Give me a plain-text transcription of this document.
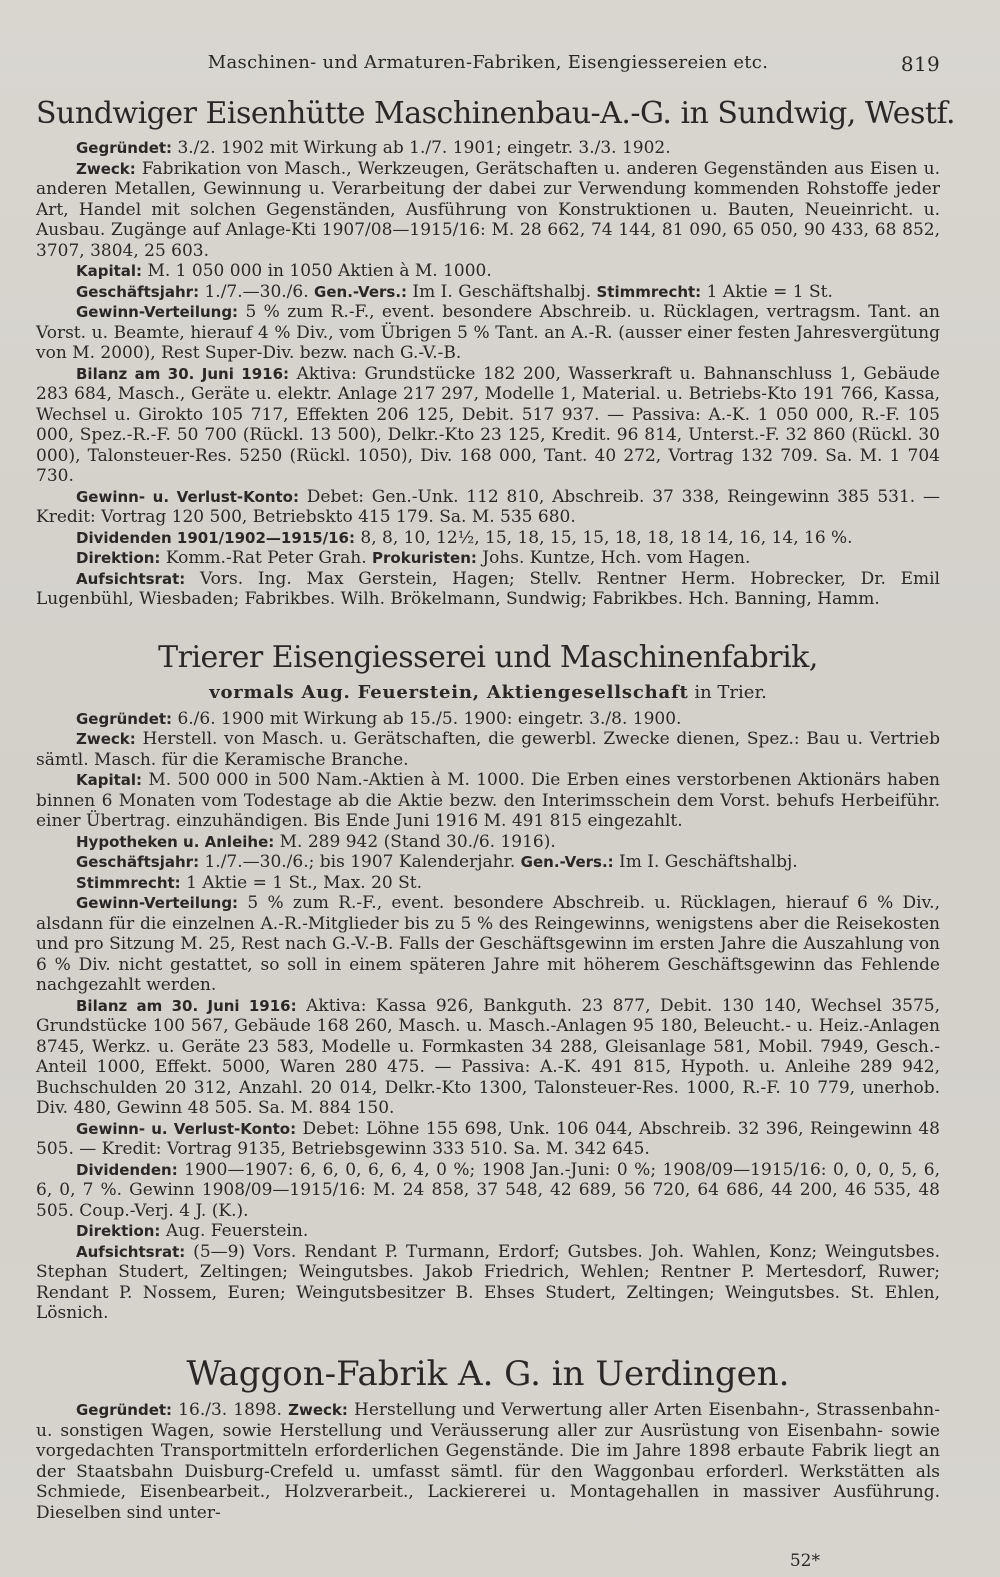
Maschinen- und Armaturen-Fabriken, Eisengiessereien etc.	819
Sundwiger Eisenhütte Maschinenbau-A.-G. in Sundwig, Westf.

Gegründet: 3./2. 1902 mit Wirkung ab 1./7. 1901; eingetr. 3./3. 1902.

Zweck: Fabrikation von Masch., Werkzeugen, Gerätschaften u. anderen Gegenständen aus Eisen u. anderen Metallen, Gewinnung u. Verarbeitung der dabei zur Verwendung kommenden Rohstoffe jeder Art, Handel mit solchen Gegenständen, Ausführung von Konstruktionen u. Bauten, Neueinricht. u. Ausbau. Zugänge auf Anlage-Kti 1907/08—1915/16: M. 28 662, 74 144, 81 090, 65 050, 90 433, 68 852, 3707, 3804, 25 603.

Kapital: M. 1 050 000 in 1050 Aktien à M. 1000.

Geschäftsjahr: 1./7.—30./6. Gen.-Vers.: Im I. Geschäftshalbj. Stimmrecht: 1 Aktie = 1 St.

Gewinn-Verteilung: 5 % zum R.-F., event. besondere Abschreib. u. Rücklagen, vertragsm. Tant. an Vorst. u. Beamte, hierauf 4 % Div., vom Übrigen 5 % Tant. an A.-R. (ausser einer festen Jahresvergütung von M. 2000), Rest Super-Div. bezw. nach G.-V.-B.

Bilanz am 30. Juni 1916: Aktiva: Grundstücke 182 200, Wasserkraft u. Bahnanschluss 1, Gebäude 283 684, Masch., Geräte u. elektr. Anlage 217 297, Modelle 1, Material. u. Betriebs-Kto 191 766, Kassa, Wechsel u. Girokto 105 717, Effekten 206 125, Debit. 517 937. — Passiva: A.-K. 1 050 000, R.-F. 105 000, Spez.-R.-F. 50 700 (Rückl. 13 500), Delkr.-Kto 23 125, Kredit. 96 814, Unterst.-F. 32 860 (Rückl. 30 000), Talonsteuer-Res. 5250 (Rückl. 1050), Div. 168 000, Tant. 40 272, Vortrag 132 709. Sa. M. 1 704 730.

Gewinn- u. Verlust-Konto: Debet: Gen.-Unk. 112 810, Abschreib. 37 338, Reingewinn 385 531. — Kredit: Vortrag 120 500, Betriebskto 415 179. Sa. M. 535 680.

Dividenden 1901/1902—1915/16: 8, 8, 10, 12½, 15, 18, 15, 15, 18, 18, 18 14, 16, 14, 16 %.

Direktion: Komm.-Rat Peter Grah. Prokuristen: Johs. Kuntze, Hch. vom Hagen.

Aufsichtsrat: Vors. Ing. Max Gerstein, Hagen; Stellv. Rentner Herm. Hobrecker, Dr. Emil Lugenbühl, Wiesbaden; Fabrikbes. Wilh. Brökelmann, Sundwig; Fabrikbes. Hch. Banning, Hamm.

Trierer Eisengiesserei und Maschinenfabrik,
vormals Aug. Feuerstein, Aktiengesellschaft in Trier.

Gegründet: 6./6. 1900 mit Wirkung ab 15./5. 1900: eingetr. 3./8. 1900.

Zweck: Herstell. von Masch. u. Gerätschaften, die gewerbl. Zwecke dienen, Spez.: Bau u. Vertrieb sämtl. Masch. für die Keramische Branche.

Kapital: M. 500 000 in 500 Nam.-Aktien à M. 1000. Die Erben eines verstorbenen Aktionärs haben binnen 6 Monaten vom Todestage ab die Aktie bezw. den Interimsschein dem Vorst. behufs Herbeiführ. einer Übertrag. einzuhändigen. Bis Ende Juni 1916 M. 491 815 eingezahlt.

Hypotheken u. Anleihe: M. 289 942 (Stand 30./6. 1916).

Geschäftsjahr: 1./7.—30./6.; bis 1907 Kalenderjahr. Gen.-Vers.: Im I. Geschäftshalbj.

Stimmrecht: 1 Aktie = 1 St., Max. 20 St.

Gewinn-Verteilung: 5 % zum R.-F., event. besondere Abschreib. u. Rücklagen, hierauf 6 % Div., alsdann für die einzelnen A.-R.-Mitglieder bis zu 5 % des Reingewinns, wenigstens aber die Reisekosten und pro Sitzung M. 25, Rest nach G.-V.-B. Falls der Geschäftsgewinn im ersten Jahre die Auszahlung von 6 % Div. nicht gestattet, so soll in einem späteren Jahre mit höherem Geschäftsgewinn das Fehlende nachgezahlt werden.

Bilanz am 30. Juni 1916: Aktiva: Kassa 926, Bankguth. 23 877, Debit. 130 140, Wechsel 3575, Grundstücke 100 567, Gebäude 168 260, Masch. u. Masch.-Anlagen 95 180, Beleucht.- u. Heiz.-Anlagen 8745, Werkz. u. Geräte 23 583, Modelle u. Formkasten 34 288, Gleisanlage 581, Mobil. 7949, Gesch.-Anteil 1000, Effekt. 5000, Waren 280 475. — Passiva: A.-K. 491 815, Hypoth. u. Anleihe 289 942, Buchschulden 20 312, Anzahl. 20 014, Delkr.-Kto 1300, Talonsteuer-Res. 1000, R.-F. 10 779, unerhob. Div. 480, Gewinn 48 505. Sa. M. 884 150.

Gewinn- u. Verlust-Konto: Debet: Löhne 155 698, Unk. 106 044, Abschreib. 32 396, Reingewinn 48 505. — Kredit: Vortrag 9135, Betriebsgewinn 333 510. Sa. M. 342 645.

Dividenden: 1900—1907: 6, 6, 0, 6, 6, 4, 0 %; 1908 Jan.-Juni: 0 %; 1908/09—1915/16: 0, 0, 0, 5, 6, 6, 0, 7 %. Gewinn 1908/09—1915/16: M. 24 858, 37 548, 42 689, 56 720, 64 686, 44 200, 46 535, 48 505. Coup.-Verj. 4 J. (K.).

Direktion: Aug. Feuerstein.

Aufsichtsrat: (5—9) Vors. Rendant P. Turmann, Erdorf; Gutsbes. Joh. Wahlen, Konz; Weingutsbes. Stephan Studert, Zeltingen; Weingutsbes. Jakob Friedrich, Wehlen; Rentner P. Mertesdorf, Ruwer; Rendant P. Nossem, Euren; Weingutsbesitzer B. Ehses Studert, Zeltingen; Weingutsbes. St. Ehlen, Lösnich.

Waggon-Fabrik A. G. in Uerdingen.

Gegründet: 16./3. 1898. Zweck: Herstellung und Verwertung aller Arten Eisenbahn-, Strassenbahn- u. sonstigen Wagen, sowie Herstellung und Veräusserung aller zur Ausrüstung von Eisenbahn- sowie vorgedachten Transportmitteln erforderlichen Gegenstände. Die im Jahre 1898 erbaute Fabrik liegt an der Staatsbahn Duisburg-Crefeld u. umfasst sämtl. für den Waggonbau erforderl. Werkstätten als Schmiede, Eisenbearbeit., Holzverarbeit., Lackiererei u. Montagehallen in massiver Ausführung. Dieselben sind unter-

52*
